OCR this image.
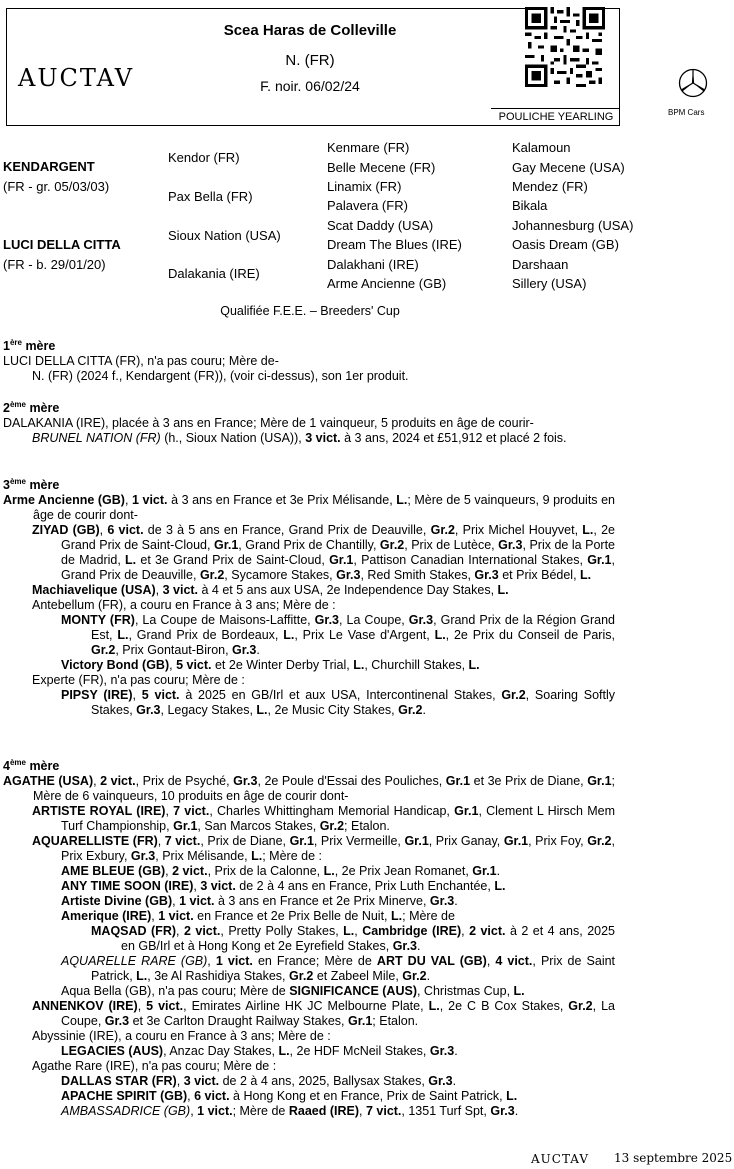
Scea Haras de Colleville
N. (FR)
F. noir. 06/02/24
POULICHE YEARLING
AUCTAV
BPM Cars
KENDARGENT
(FR - gr. 05/03/03)
LUCI DELLA CITTA
(FR - b. 29/01/20)
Kendor (FR)
Pax Bella (FR)
Sioux Nation (USA)
Dalakania (IRE)
Kenmare (FR)
Belle Mecene (FR)
Linamix (FR)
Palavera (FR)
Scat Daddy (USA)
Dream The Blues (IRE)
Dalakhani (IRE)
Arme Ancienne (GB)
Kalamoun
Gay Mecene (USA)
Mendez (FR)
Bikala
Johannesburg (USA)
Oasis Dream (GB)
Darshaan
Sillery (USA)
Qualifiée F.E.E. – Breeders' Cup
1ère mère

LUCI DELLA CITTA (FR), n'a pas couru; Mère de-

N. (FR) (2024 f., Kendargent (FR)), (voir ci-dessus), son 1er produit.

2ème mère

DALAKANIA (IRE), placée à 3 ans en France; Mère de 1 vainqueur, 5 produits en âge de courir-

BRUNEL NATION (FR) (h., Sioux Nation (USA)), 3 vict. à 3 ans, 2024 et £51,912 et placé 2 fois.

3ème mère

Arme Ancienne (GB), 1 vict. à 3 ans en France et 3e Prix Mélisande, L.; Mère de 5 vainqueurs, 9 produits en âge de courir dont-

ZIYAD (GB), 6 vict. de 3 à 5 ans en France, Grand Prix de Deauville, Gr.2, Prix Michel Houyvet, L., 2e Grand Prix de Saint-Cloud, Gr.1, Grand Prix de Chantilly, Gr.2, Prix de Lutèce, Gr.3, Prix de la Porte de Madrid, L. et 3e Grand Prix de Saint-Cloud, Gr.1, Pattison Canadian International Stakes, Gr.1, Grand Prix de Deauville, Gr.2, Sycamore Stakes, Gr.3, Red Smith Stakes, Gr.3 et Prix Bédel, L.

Machiavelique (USA), 3 vict. à 4 et 5 ans aux USA, 2e Independence Day Stakes, L.

Antebellum (FR), a couru en France à 3 ans; Mère de :

MONTY (FR), La Coupe de Maisons-Laffitte, Gr.3, La Coupe, Gr.3, Grand Prix de la Région Grand Est, L., Grand Prix de Bordeaux, L., Prix Le Vase d'Argent, L., 2e Prix du Conseil de Paris, Gr.2, Prix Gontaut-Biron, Gr.3.

Victory Bond (GB), 5 vict. et 2e Winter Derby Trial, L., Churchill Stakes, L.

Experte (FR), n'a pas couru; Mère de :

PIPSY (IRE), 5 vict. à 2025 en GB/Irl et aux USA, Intercontinenal Stakes, Gr.2, Soaring Softly Stakes, Gr.3, Legacy Stakes, L., 2e Music City Stakes, Gr.2.

4ème mère

AGATHE (USA), 2 vict., Prix de Psyché, Gr.3, 2e Poule d'Essai des Pouliches, Gr.1 et 3e Prix de Diane, Gr.1; Mère de 6 vainqueurs, 10 produits en âge de courir dont-

ARTISTE ROYAL (IRE), 7 vict., Charles Whittingham Memorial Handicap, Gr.1, Clement L Hirsch Mem Turf Championship, Gr.1, San Marcos Stakes, Gr.2; Etalon.

AQUARELLISTE (FR), 7 vict., Prix de Diane, Gr.1, Prix Vermeille, Gr.1, Prix Ganay, Gr.1, Prix Foy, Gr.2, Prix Exbury, Gr.3, Prix Mélisande, L.; Mère de :

AME BLEUE (GB), 2 vict., Prix de la Calonne, L., 2e Prix Jean Romanet, Gr.1.

ANY TIME SOON (IRE), 3 vict. de 2 à 4 ans en France, Prix Luth Enchantée, L.

Artiste Divine (GB), 1 vict. à 3 ans en France et 2e Prix Minerve, Gr.3.

Amerique (IRE), 1 vict. en France et 2e Prix Belle de Nuit, L.; Mère de

MAQSAD (FR), 2 vict., Pretty Polly Stakes, L., Cambridge (IRE), 2 vict. à 2 et 4 ans, 2025 en GB/Irl et à Hong Kong et 2e Eyrefield Stakes, Gr.3.

AQUARELLE RARE (GB), 1 vict. en France; Mère de ART DU VAL (GB), 4 vict., Prix de Saint Patrick, L., 3e Al Rashidiya Stakes, Gr.2 et Zabeel Mile, Gr.2.

Aqua Bella (GB), n'a pas couru; Mère de SIGNIFICANCE (AUS), Christmas Cup, L.

ANNENKOV (IRE), 5 vict., Emirates Airline HK JC Melbourne Plate, L., 2e C B Cox Stakes, Gr.2, La Coupe, Gr.3 et 3e Carlton Draught Railway Stakes, Gr.1; Etalon.

Abyssinie (IRE), a couru en France à 3 ans; Mère de :

LEGACIES (AUS), Anzac Day Stakes, L., 2e HDF McNeil Stakes, Gr.3.

Agathe Rare (IRE), n'a pas couru; Mère de :

DALLAS STAR (FR), 3 vict. de 2 à 4 ans, 2025, Ballysax Stakes, Gr.3.

APACHE SPIRIT (GB), 6 vict. à Hong Kong et en France, Prix de Saint Patrick, L.

AMBASSADRICE (GB), 1 vict.; Mère de Raaed (IRE), 7 vict., 1351 Turf Spt, Gr.3.

AUCTAV 13 septembre 2025
